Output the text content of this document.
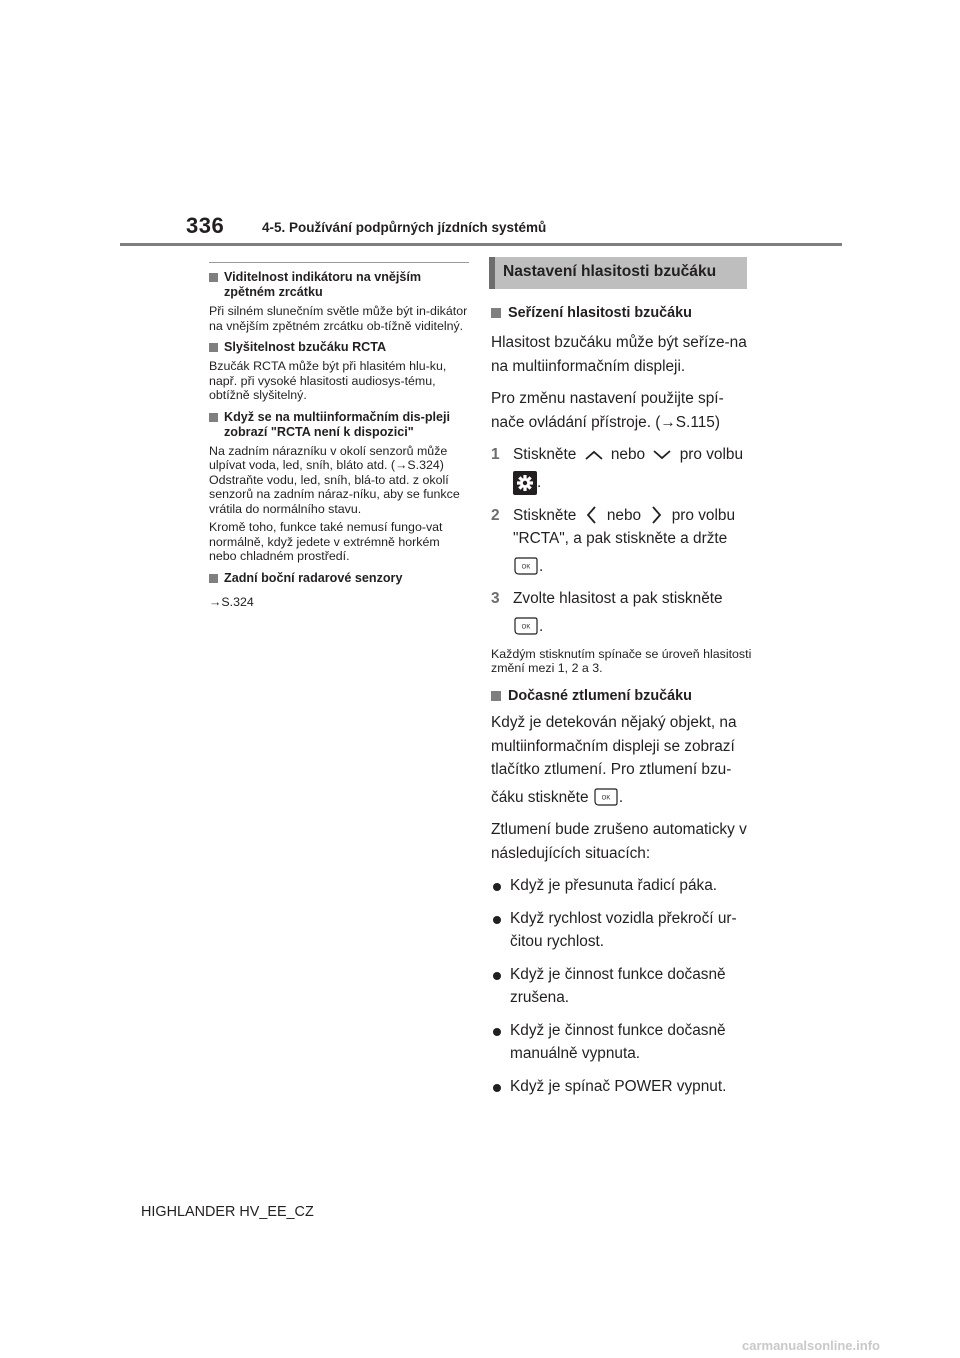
336	4-5. Používání podpůrných jízdních systémů
Viditelnost indikátoru na vnějším zpětném zrcátku
Při silném slunečním světle může být in-dikátor na vnějším zpětném zrcátku ob-tížně viditelný.
Slyšitelnost bzučáku RCTA
Bzučák RCTA může být při hlasitém hlu-ku, např. při vysoké hlasitosti audiosys-tému, obtížně slyšitelný.
Když se na multiinformačním dis-pleji zobrazí "RCTA není k dispozici"
Na zadním nárazníku v okolí senzorů může ulpívat voda, led, sníh, bláto atd. (→S.324) Odstraňte vodu, led, sníh, blá-to atd. z okolí senzorů na zadním náraz-níku, aby se funkce vrátila do normálního stavu.
Kromě toho, funkce také nemusí fungo-vat normálně, když jedete v extrémně horkém nebo chladném prostředí.
Zadní boční radarové senzory
→S.324
Nastavení hlasitosti bzučáku
Seřízení hlasitosti bzučáku
Hlasitost bzučáku může být seříze-na na multiinformačním displeji.
Pro změnu nastavení použijte spí-nače ovládání přístroje. (→S.115)
1 Stiskněte nebo pro volbu
.
2 Stiskněte nebo pro volbu
"RCTA", a pak stiskněte a držte
OK .
3 Zvolte hlasitost a pak stiskněte
OK .
Každým stisknutím spínače se úroveň hlasitosti změní mezi 1, 2 a 3.
Dočasné ztlumení bzučáku
Když je detekován nějaký objekt, na multiinformačním displeji se zobrazí tlačítko ztlumení. Pro ztlumení bzu-
čáku stiskněte OK .
Ztlumení bude zrušeno automaticky v následujících situacích:
Když je přesunuta řadicí páka.
Když rychlost vozidla překročí ur-čitou rychlost.
Když je činnost funkce dočasně zrušena.
Když je činnost funkce dočasně manuálně vypnuta.
Když je spínač POWER vypnut.
HIGHLANDER HV_EE_CZ
carmanualsonline.info
